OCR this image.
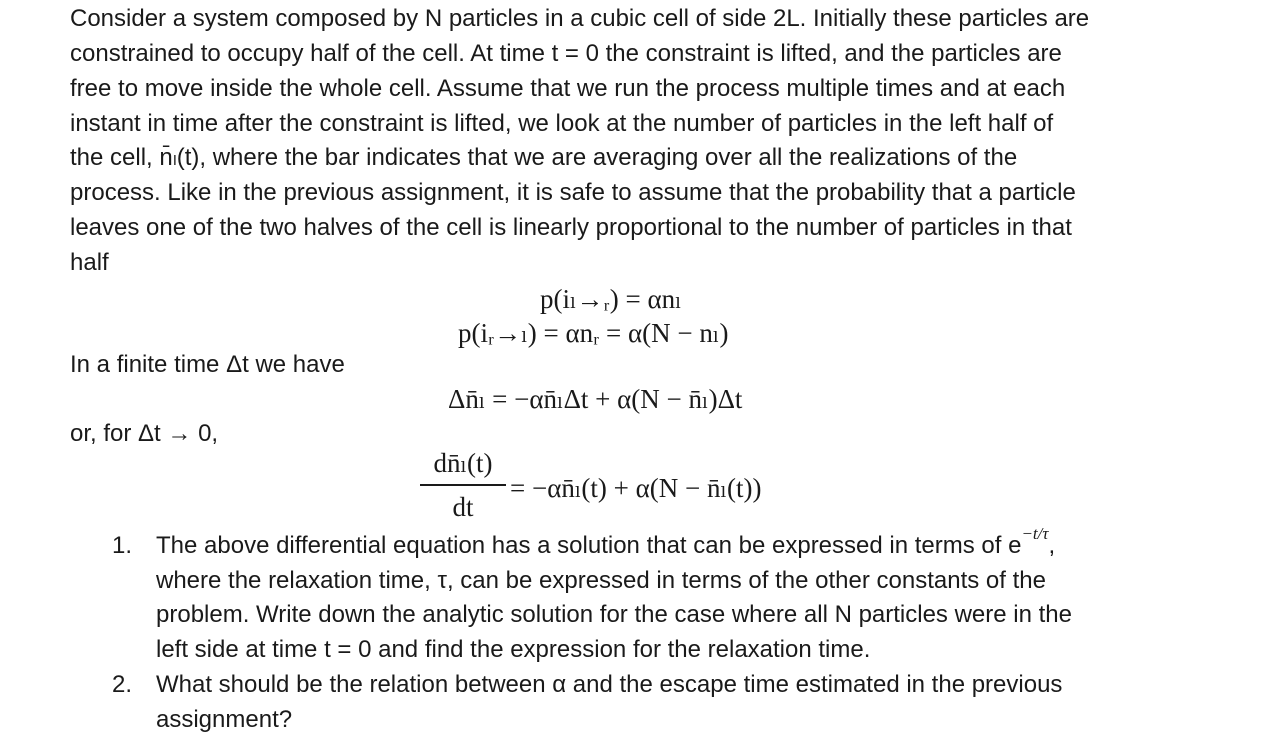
Consider a system composed by N particles in a cubic cell of side 2L. Initially these particles are
constrained to occupy half of the cell. At time t = 0 the constraint is lifted, and the particles are
free to move inside the whole cell. Assume that we run the process multiple times and at each
instant in time after the constraint is lifted, we look at the number of particles in the left half of
the cell, n̄ₗ(t), where the bar indicates that we are averaging over all the realizations of the
process. Like in the previous assignment, it is safe to assume that the probability that a particle
leaves one of the two halves of the cell is linearly proportional to the number of particles in that
half
p(iₗ→ᵣ) = αnₗ
p(iᵣ→ₗ) = αnᵣ = α(N − nₗ)
In a finite time Δt we have
Δn̄ₗ = −αn̄ₗΔt + α(N − n̄ₗ)Δt
or, for Δt → 0,
dn̄ₗ(t)
dt
= −αn̄ₗ(t) + α(N − n̄ₗ(t))
1. The above differential equation has a solution that can be expressed in terms of $e^{-t/\tau}$,
where the relaxation time, τ, can be expressed in terms of the other constants of the
problem. Write down the analytic solution for the case where all N particles were in the
left side at time t = 0 and find the expression for the relaxation time.
2. What should be the relation between α and the escape time estimated in the previous
assignment?
